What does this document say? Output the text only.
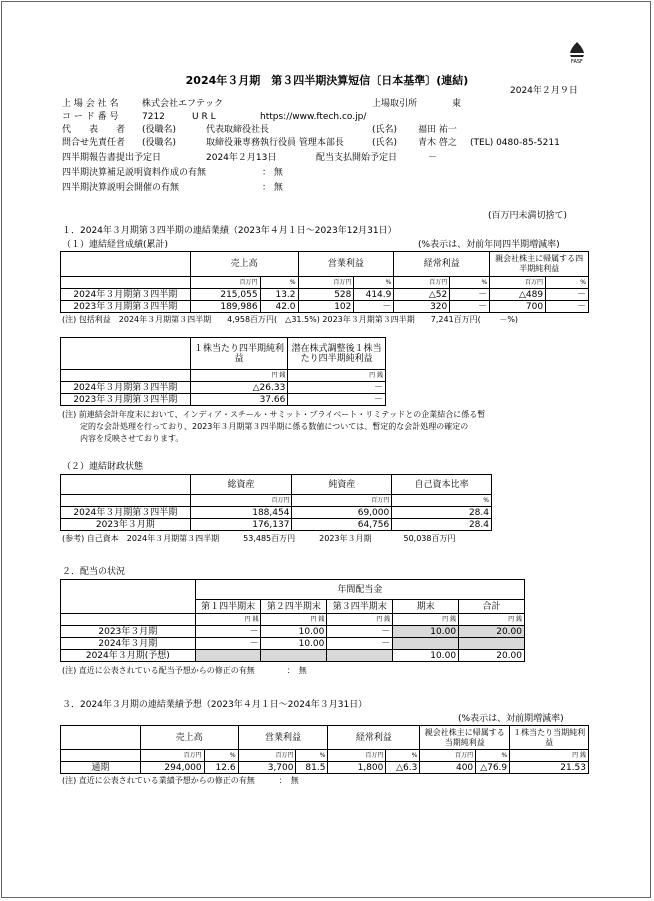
FASF
2024年３月期　第３四半期決算短信〔日本基準〕(連結)
2024年２月９日
上 場 会 社 名	株式会社エフテック	上場取引所	東
コ ー ド 番 号	7212	U R L	https://www.ftech.co.jp/
代　　表　　者 (役職名)	代表取締役社長	(氏名) 福田 祐一
問合せ先責任者 (役職名)	取締役兼専務執行役員 管理本部長	(氏名) 青木 啓之 (TEL) 0480-85-5211
四半期報告書提出予定日	2024年２月13日	配当支払開始予定日	－
四半期決算補足説明資料作成の有無	： 無
四半期決算説明会開催の有無	： 無
(百万円未満切捨て)
１．2024年３月期第３四半期の連結業績（2023年４月１日～2023年12月31日）
（１）連結経営成績(累計)	(%表示は、対前年同四半期増減率)
	売上高		営業利益		経常利益		親会社株主に帰属する四半期純利益	
	百万円	%	百万円	%	百万円	%	百万円	%
2024年３月期第３四半期	215,055	13.2	528	414.9	△52	－	△489	－
2023年３月期第３四半期	189,986	42.0	102	－	320	－	700	－
(注) 包括利益　2024年３月期第３四半期　　4,958百万円(　△31.5%) 2023年３月期第３四半期　　7,241百万円(　　 －%)
	１株当たり四半期純利益	潜在株式調整後１株当たり四半期純利益
	円 銭	円 銭
2024年３月期第３四半期	△26.33	－
2023年３月期第３四半期	37.66	－
(注) 前連結会計年度末において、インディア・スチール・サミット・プライベート・リミテッドとの企業結合に係る暫
定的な会計処理を行っており、2023年３月期第３四半期に係る数値については、暫定的な会計処理の確定の
内容を反映させております。
（２）連結財政状態
	総資産	純資産	自己資本比率
	百万円	百万円	%
2024年３月期第３四半期	188,454	69,000	28.4
2023年３月期	176,137	64,756	28.4
(参考) 自己資本　2024年３月期第３四半期　　　53,485百万円　　　2023年３月期　　　　50,038百万円
２．配当の状況
	年間配当金				
	第１四半期末	第２四半期末	第３四半期末	期末	合計
	円 銭	円 銭	円 銭	円 銭	円 銭
2023年３月期	－	10.00	－	10.00	20.00
2024年３月期	－	10.00	－		
2024年３月期(予想)				10.00	20.00
(注) 直近に公表されている配当予想からの修正の有無　　　　：　無
３．2024年３月期の連結業績予想（2023年４月１日～2024年３月31日）
(%表示は、対前期増減率)
	売上高		営業利益		経常利益		親会社株主に帰属する当期純利益		１株当たり当期純利益
	百万円	%	百万円	%	百万円	%	百万円	%	円 銭
通期	294,000	12.6	3,700	81.5	1,800	△6.3	400	△76.9	21.53
(注) 直近に公表されている業績予想からの修正の有無　　　：　無
